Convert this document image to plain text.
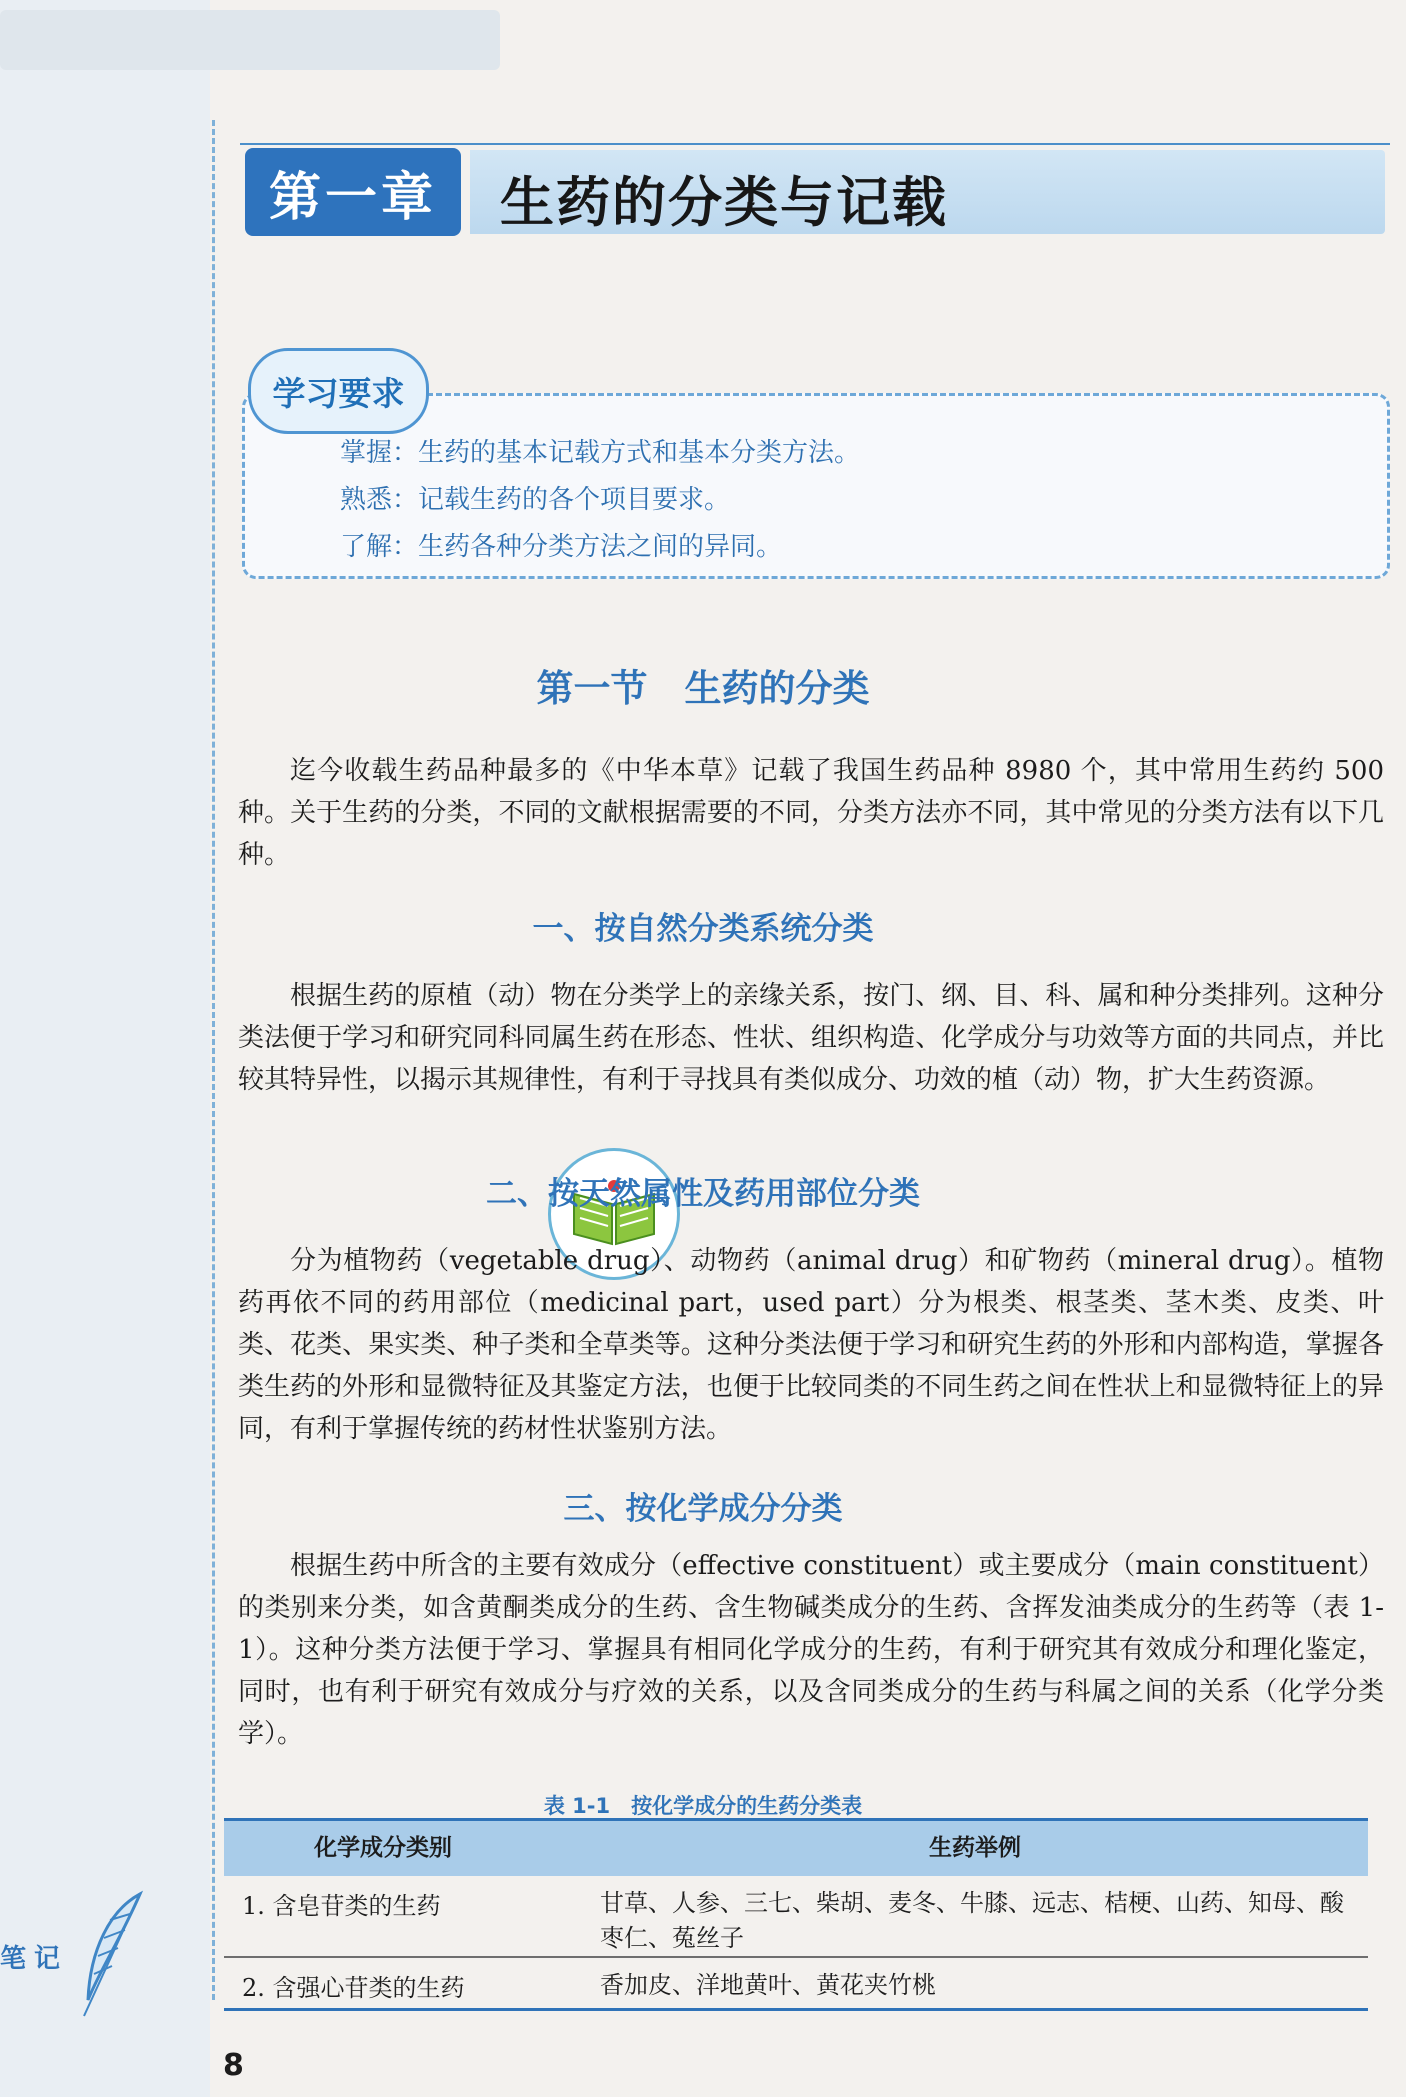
第一章 生药的分类与记载
学习要求
掌握：生药的基本记载方式和基本分类方法。
熟悉：记载生药的各个项目要求。
了解：生药各种分类方法之间的异同。
第一节　生药的分类

迄今收载生药品种最多的《中华本草》记载了我国生药品种 8980 个，其中常用生药约 500 种。关于生药的分类，不同的文献根据需要的不同，分类方法亦不同，其中常见的分类方法有以下几种。

一、按自然分类系统分类

根据生药的原植（动）物在分类学上的亲缘关系，按门、纲、目、科、属和种分类排列。这种分类法便于学习和研究同科同属生药在形态、性状、组织构造、化学成分与功效等方面的共同点，并比较其特异性，以揭示其规律性，有利于寻找具有类似成分、功效的植（动）物，扩大生药资源。

二、按天然属性及药用部位分类

分为植物药（vegetable drug）、动物药（animal drug）和矿物药（mineral drug）。植物药再依不同的药用部位（medicinal part，used part）分为根类、根茎类、茎木类、皮类、叶类、花类、果实类、种子类和全草类等。这种分类法便于学习和研究生药的外形和内部构造，掌握各类生药的外形和显微特征及其鉴定方法，也便于比较同类的不同生药之间在性状上和显微特征上的异同，有利于掌握传统的药材性状鉴别方法。

三、按化学成分分类

根据生药中所含的主要有效成分（effective constituent）或主要成分（main constituent）的类别来分类，如含黄酮类成分的生药、含生物碱类成分的生药、含挥发油类成分的生药等（表 1-1）。这种分类方法便于学习、掌握具有相同化学成分的生药，有利于研究其有效成分和理化鉴定，同时，也有利于研究有效成分与疗效的关系，以及含同类成分的生药与科属之间的关系（化学分类学）。

表 1-1　按化学成分的生药分类表
化学成分类别	生药举例
1. 含皂苷类的生药	甘草、人参、三七、柴胡、麦冬、牛膝、远志、桔梗、山药、知母、酸枣仁、菟丝子
2. 含强心苷类的生药	香加皮、洋地黄叶、黄花夹竹桃
笔记
8
